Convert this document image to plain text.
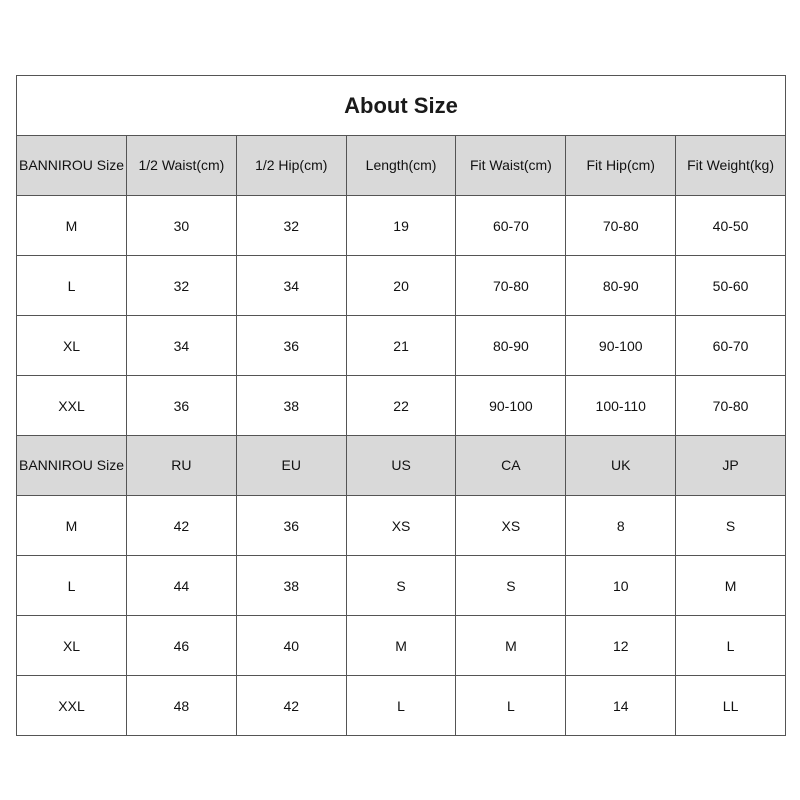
About Size						
BANNIROU Size	1/2 Waist(cm)	1/2 Hip(cm)	Length(cm)	Fit Waist(cm)	Fit Hip(cm)	Fit Weight(kg)
M	30	32	19	60-70	70-80	40-50
L	32	34	20	70-80	80-90	50-60
XL	34	36	21	80-90	90-100	60-70
XXL	36	38	22	90-100	100-110	70-80
BANNIROU Size	RU	EU	US	CA	UK	JP
M	42	36	XS	XS	8	S
L	44	38	S	S	10	M
XL	46	40	M	M	12	L
XXL	48	42	L	L	14	LL
